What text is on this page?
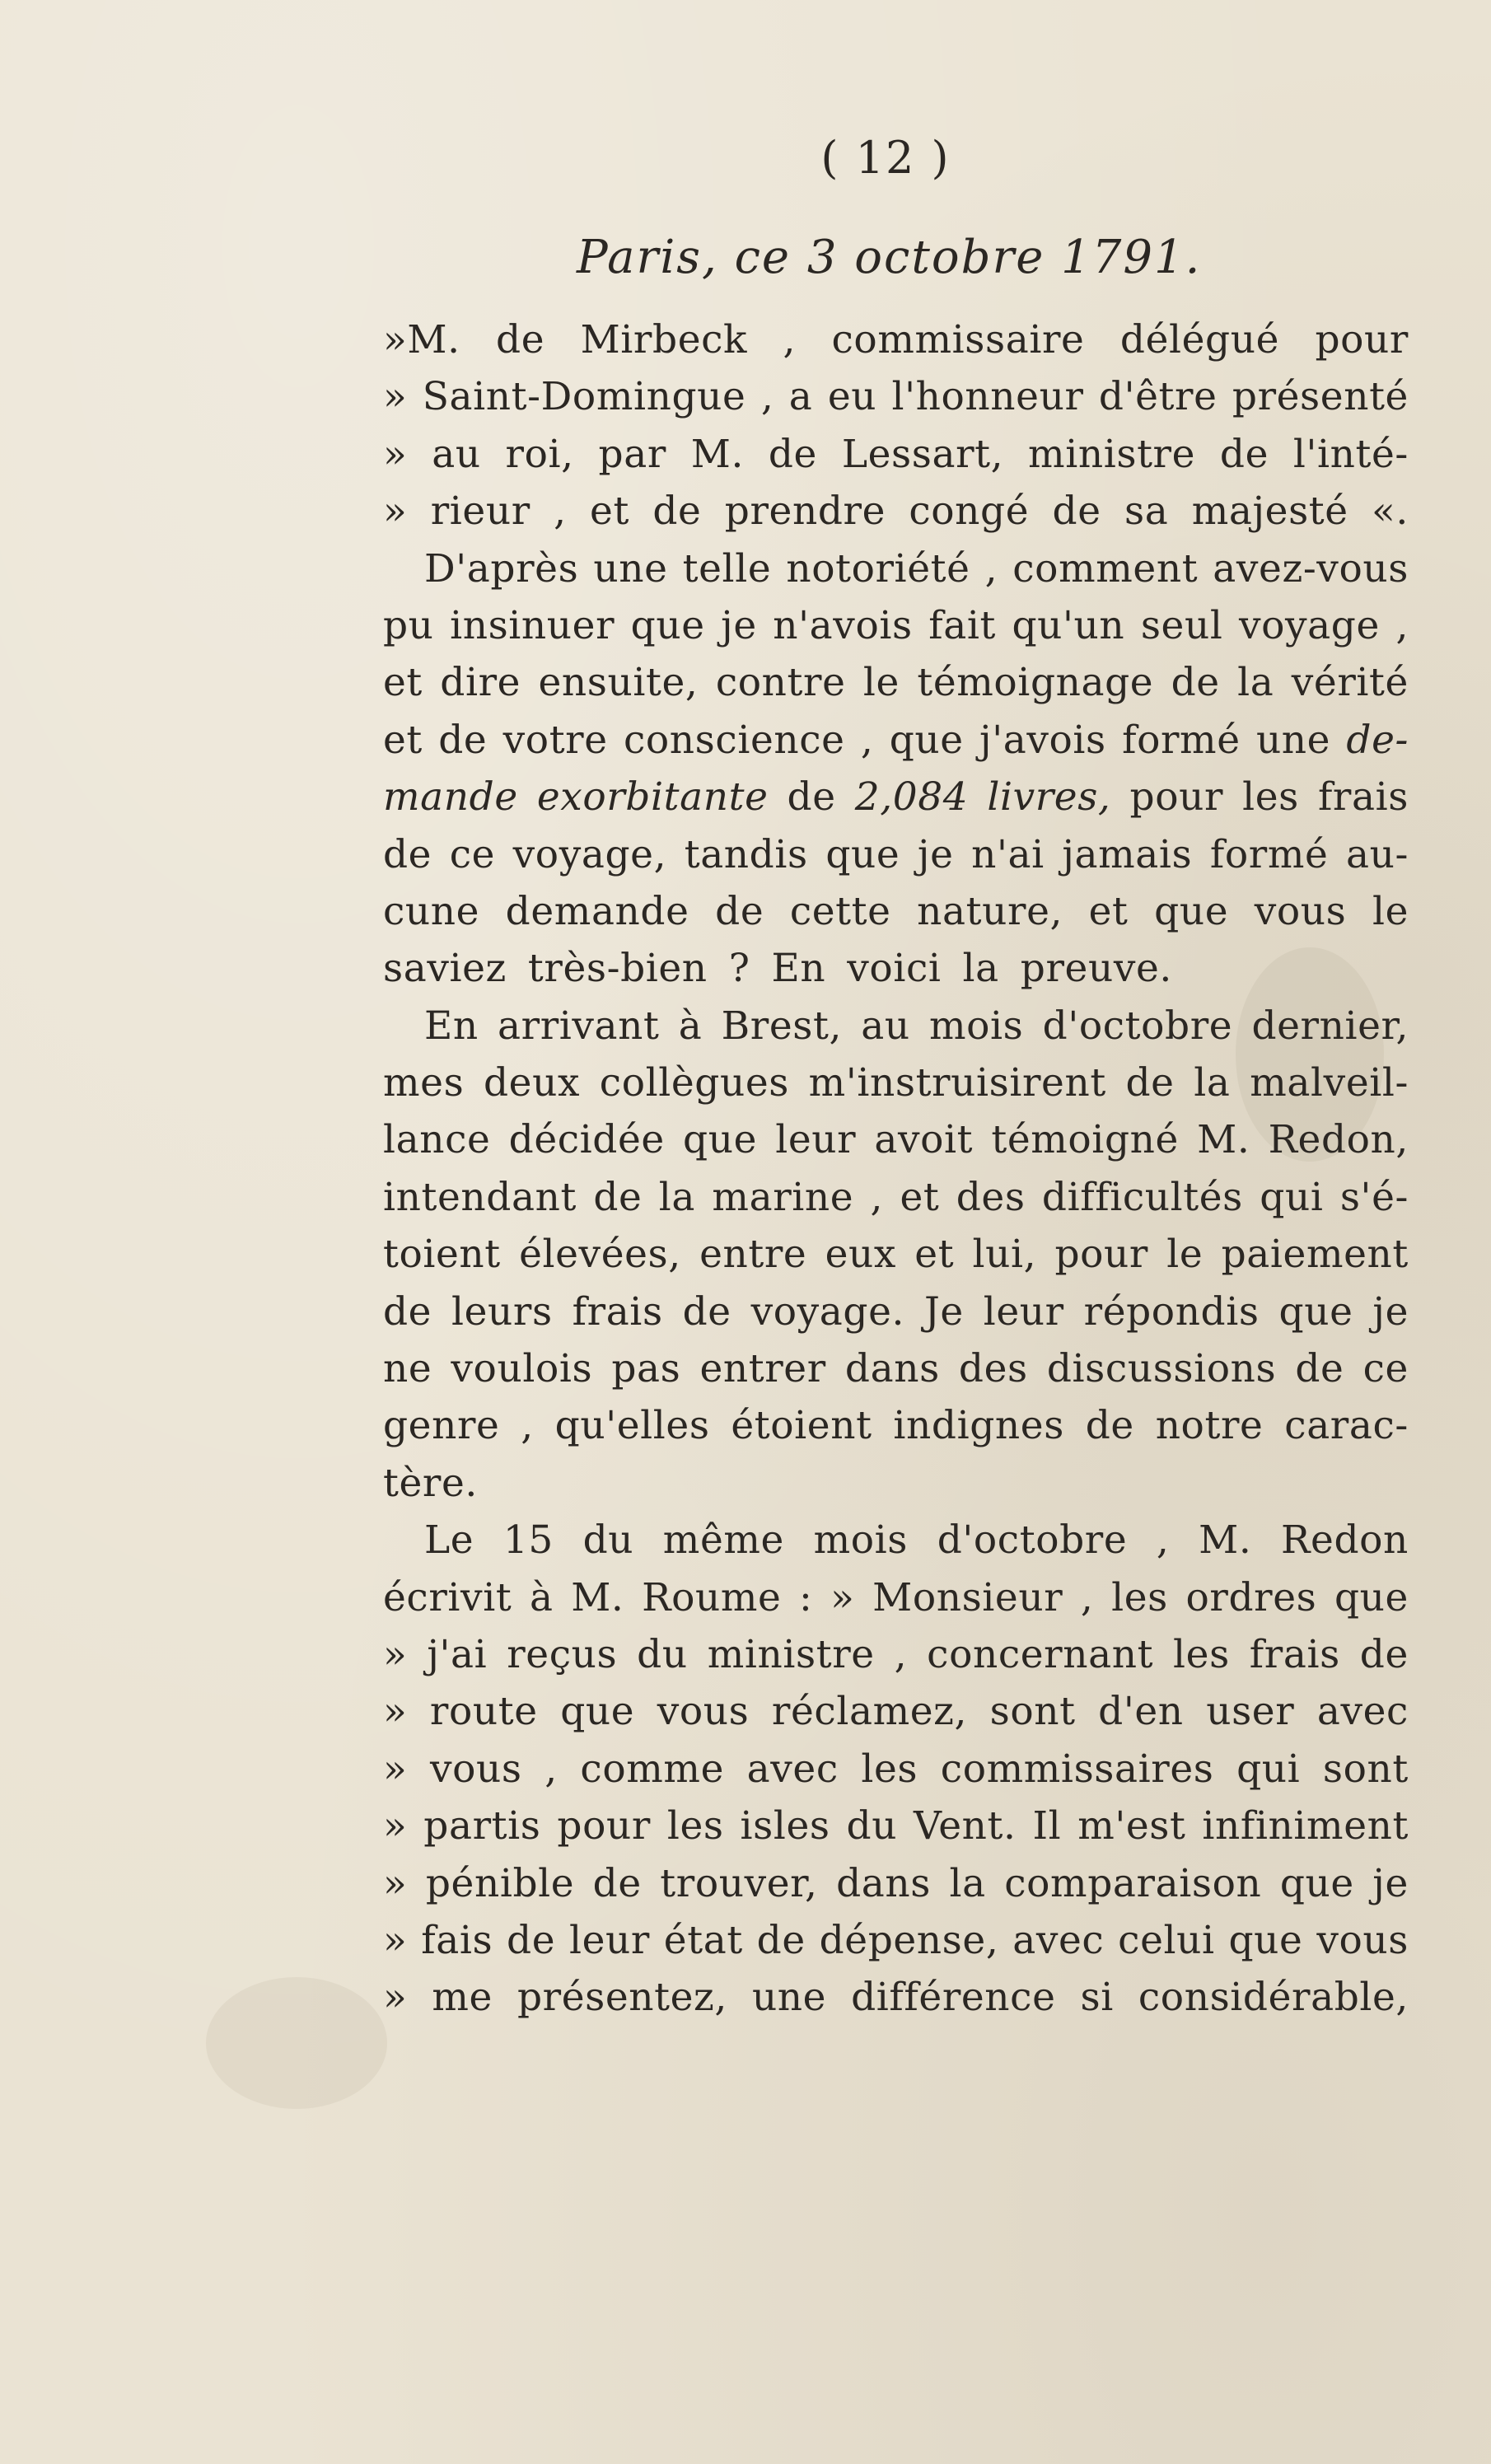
( 12 )
Paris, ce 3 octobre 1791.
»M. de Mirbeck , commissaire délégué pour
» Saint-Domingue , a eu l'honneur d'être présenté
» au roi, par M. de Lessart, ministre de l'inté-
» rieur , et de prendre congé de sa majesté «.
D'après une telle notoriété , comment avez-vous
pu insinuer que je n'avois fait qu'un seul voyage ,
et dire ensuite, contre le témoignage de la vérité
et de votre conscience , que j'avois formé une de-
mande exorbitante de 2,084 livres, pour les frais
de ce voyage, tandis que je n'ai jamais formé au-
cune demande de cette nature, et que vous le
saviez très-bien ? En voici la preuve.
En arrivant à Brest, au mois d'octobre dernier,
mes deux collègues m'instruisirent de la malveil-
lance décidée que leur avoit témoigné M. Redon,
intendant de la marine , et des difficultés qui s'é-
toient élevées, entre eux et lui, pour le paiement
de leurs frais de voyage. Je leur répondis que je
ne voulois pas entrer dans des discussions de ce
genre , qu'elles étoient indignes de notre carac-
tère.
Le 15 du même mois d'octobre , M. Redon
écrivit à M. Roume : » Monsieur , les ordres que
» j'ai reçus du ministre , concernant les frais de
» route que vous réclamez, sont d'en user avec
» vous , comme avec les commissaires qui sont
» partis pour les isles du Vent. Il m'est infiniment
» pénible de trouver, dans la comparaison que je
» fais de leur état de dépense, avec celui que vous
» me présentez, une différence si considérable,
